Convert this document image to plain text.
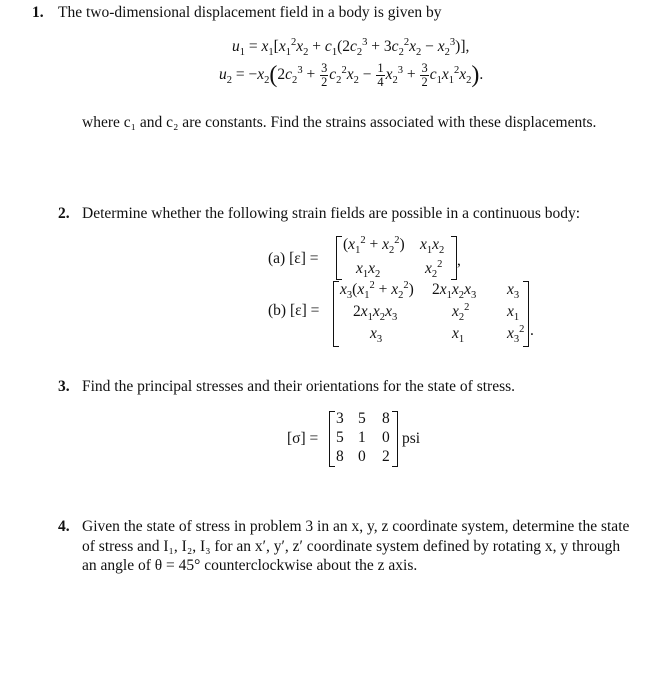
1. The two-dimensional displacement field in a body is given by
$u_1 = x_1[x_1^2x_2 + c_1(2c_2^3 + 3c_2^2x_2 - x_2^3)]$,
$u_2 = -x_2(2c_2^3 + \frac{3}{2} c_2^2x_2 - \frac{1}{4} x_2^3 + \frac{3}{2} c_1x_1^2x_2)$.
where c₁ and c₂ are constants. Find the strains associated with these displacements.
2. Determine whether the following strain fields are possible in a continuous body:
(a) [ε] =
$(x_1^2 + x_2^2)$ $x_1x_2$
$x_1x_2$	$x_2^2$ ,
(b) [ε] =
$x_3(x_1^2 + x_2^2)$ $2x_1x_2x_3$ $x_3$
$2x_1x_2x_3$	$x_2^2$ $x_1$
$x_3$	$x_1$	$x_3^2$ .
3. Find the principal stresses and their orientations for the state of stress.
[σ] =
3 5 8
5 1 0
8 0 2
psi
4. Given the state of stress in problem 3 in an x, y, z coordinate system, determine the state
of stress and I₁, I₂, I₃ for an x′, y′, z′ coordinate system defined by rotating x, y through
an angle of θ = 45° counterclockwise about the z axis.
